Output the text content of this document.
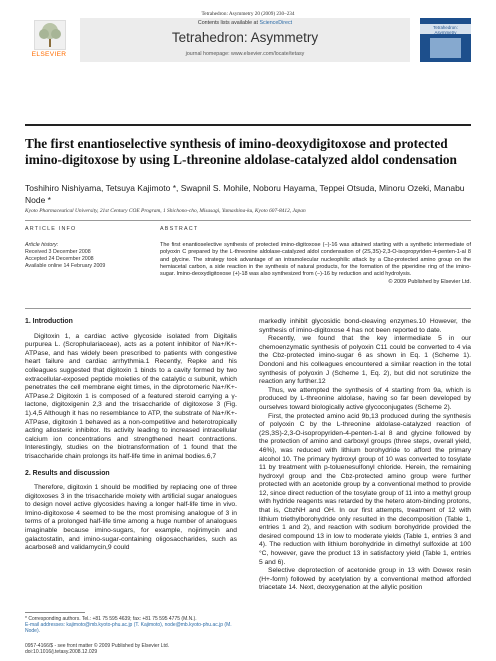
Tetrahedron: Asymmetry 20 (2009) 230–234
ELSEVIER
Contents lists available at ScienceDirect
Tetrahedron: Asymmetry
journal homepage: www.elsevier.com/locate/tetasy
Tetrahedron: Asymmetry
The first enantioselective synthesis of imino-deoxydigitoxose and protected imino-digitoxose by using L-threonine aldolase-catalyzed aldol condensation
Toshihiro Nishiyama, Tetsuya Kajimoto *, Swapnil S. Mohile, Noboru Hayama, Teppei Otsuda, Minoru Ozeki, Manabu Node *
Kyoto Pharmaceutical University, 21st Century COE Program, 1 Shichono-cho, Misasagi, Yamashina-ku, Kyoto 607-8412, Japan
ARTICLE INFO
Article history:
Received 3 December 2008
Accepted 24 December 2008
Available online 14 February 2009
ABSTRACT
The first enantioselective synthesis of protected imino-digitoxose (−)-16 was attained starting with a synthetic intermediate of polyoxin C prepared by the L-threonine aldolase-catalyzed aldol condensation of (2S,3S)-2,3-O-isopropyriden-4-penten-1-al 8 and glycine. The strategy took advantage of an intramolecular nucleophilic attack by a Cbz-protected amino group on the hemiacetal carbon, a side reaction in the synthesis of natural products, for the formation of the piperidine ring of the imino-sugar. Imino-deoxydigitoxose (+)-18 was also synthesized from (−)-16 by reduction and acid hydrolysis.
© 2009 Published by Elsevier Ltd.
1. Introduction

Digitoxin 1, a cardiac active glycoside isolated from Digitalis purpurea L. (Scrophulariaceae), acts as a potent inhibitor of Na+/K+-ATPase, and has widely been prescribed to patients with congestive heart failure and cardiac arrhythmia.1 Recently, Repke and his colleagues suggested that digitoxin 1 binds to a cavity formed by two extracellular-exposed peptide moieties of the catalytic α subunit, which penetrates the cell membrane eight times, in the diprotomeric Na+/K+-ATPase.2 Digitoxin 1 is composed of a featured steroid carrying a γ-lactone, digitoxigenin 2,3 and the trisaccharide of digitoxose 3 (Fig. 1).4,5 Although it has no resemblance to ATP, the substrate of Na+/K+-ATPase, digitoxin 1 behaved as a non-competitive and heterotropically acting allosteric inhibitor. Its activity leading to increased intracellular calcium ion concentrations and strengthened heart contractions. Interestingly, studies on the biotransformation of 1 found that the trisaccharide chain prolongs its half-life time in animal bodies.6,7

2. Results and discussion

Therefore, digitoxin 1 should be modified by replacing one of three digitoxoses 3 in the trisaccharide moiety with artificial sugar analogues to design novel active glycosides having a longer half-life time in vivo. Imino-digitoxose 4 seemed to be the most promising analogue of 3 in terms of a prolonged half-life time among a huge number of analogues imaginable because imino-sugars, for example, nojirimycin and galactostatin, and imino-sugar-containing oligosaccharides, such as acarbose8 and validamycin,9 could

markedly inhibit glycosidic bond-cleaving enzymes.10 However, the synthesis of imino-digitoxose 4 has not been reported to date.

Recently, we found that the key intermediate 5 in our chemoenzymatic synthesis of polyoxin C11 could be converted to 4 via the Cbz-protected imino-sugar 6 as shown in Eq. 1 (Scheme 1). Dondoni and his colleagues encountered a similar reaction in the total synthesis of polyoxin J (Scheme 1, Eq. 2), but did not scrutinize the reaction any further.12

Thus, we attempted the synthesis of 4 starting from 9a, which is produced by L-threonine aldolase, having so far been developed by ourselves toward biologically active glycoconjugates (Scheme 2).

First, the protected amino acid 9b,13 produced during the synthesis of polyoxin C by the L-threonine aldolase-catalyzed reaction of (2S,3S)-2,3-O-isopropyriden-4-penten-1-al 8 and glycine followed by the protection of amino and carboxyl groups (three steps, overall yield, 46%), was reduced with lithium borohydride to afford the primary alcohol 10. The primary hydroxyl group of 10 was converted to tosylate 11 by treatment with p-toluenesulfonyl chloride. Herein, the remaining hydroxyl group and the Cbz-protected amino group were further protected with an acetonide group by a conventional method to provide 12, since direct reduction of the tosylate group of 11 into a methyl group with hydride reagents was retarded by the hetero atom-binding protons, that is, CbzNH and OH. In our first attempts, treatment of 12 with lithium triethylborohydride only resulted in the decomposition (Table 1, entries 1 and 2), and reaction with sodium borohydride provided the desired compound 13 in low to moderate yields (Table 1, entries 3 and 4). The reduction with lithium borohydride in dimethyl sulfoxide at 100 °C, however, gave the product 13 in satisfactory yield (Table 1, entries 5 and 6).

Selective deprotection of acetonide group in 13 with Dowex resin (H+-form) followed by acetylation by a conventional method afforded triacetate 14. Next, deoxygenation at the allylic position

* Corresponding authors. Tel.: +81 75 595 4639; fax: +81 75 595 4775 (M.N.).
E-mail addresses: kajimoto@mb.kyoto-phu.ac.jp (T. Kajimoto), node@mb.kyoto-phu.ac.jp (M. Node).
0957-4166/$ - see front matter © 2009 Published by Elsevier Ltd.
doi:10.1016/j.tetasy.2008.12.029
